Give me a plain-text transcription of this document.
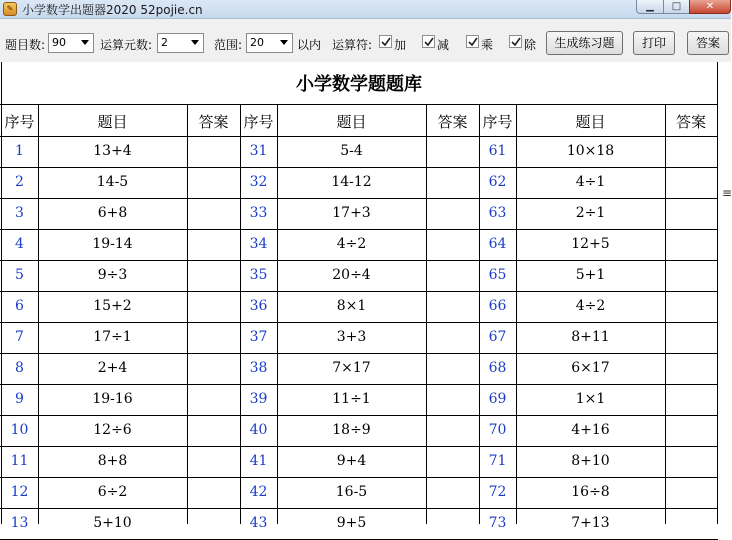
✎ 小学数学出题器2020 52pojie.cn	▁	□	✕
题目数: 90	运算元数: 2	范围: 20	以内 运算符: 加	减	乘	除	生成练习题	打印	答案
小学数学题题库
≡
序号	题目	答案
1	13+4
2	14-5
3	6+8
4	19-14
5	9÷3
6	15+2
7	17÷1
8	2+4
9	19-16
10	12÷6
11	8+8
12	6÷2
13	5+10
序号	题目	答案
31	5-4
32	14-12
33	17+3
34	4÷2
35	20÷4
36	8×1
37	3+3
38	7×17
39	11÷1
40	18÷9
41	9+4
42	16-5
43	9+5
序号	题目	答案
61	10×18
62	4÷1
63	2÷1
64	12+5
65	5+1
66	4÷2
67	8+11
68	6×17
69	1×1
70	4+16
71	8+10
72	16÷8
73	7+13
